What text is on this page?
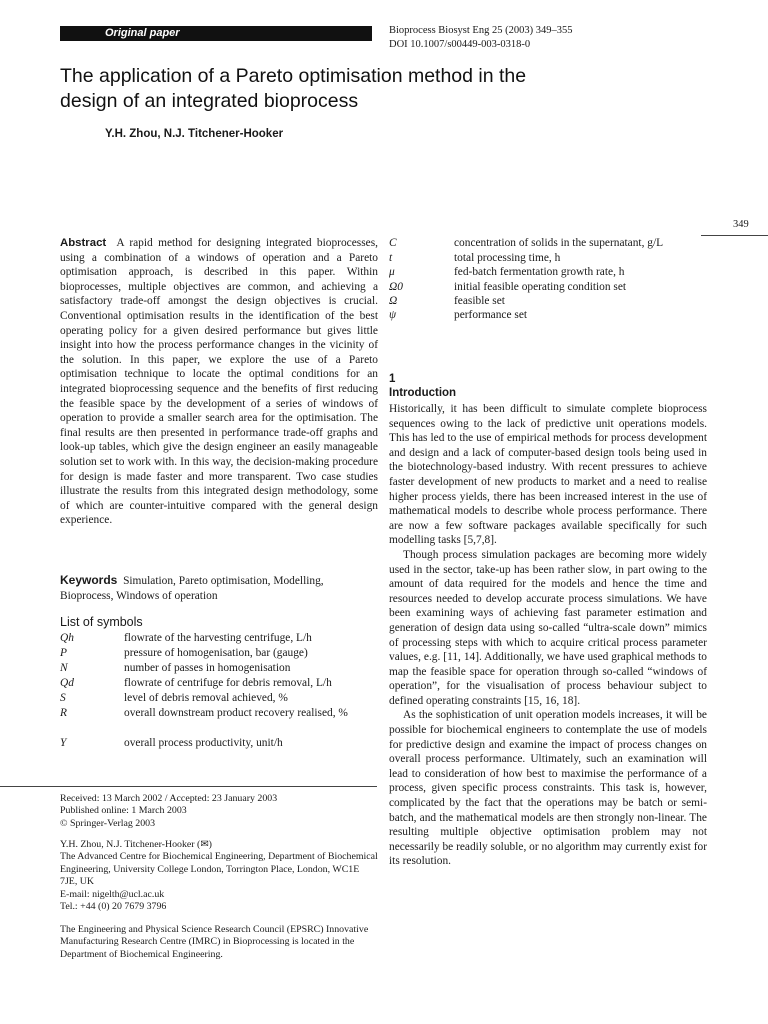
Original paper	Bioprocess Biosyst Eng 25 (2003) 349–355
DOI 10.1007/s00449-003-0318-0
The application of a Pareto optimisation method in the design of an integrated bioprocess
Y.H. Zhou, N.J. Titchener-Hooker
349
Abstract A rapid method for designing integrated bioprocesses, using a combination of a windows of operation and a Pareto optimisation approach, is described in this paper. Within bioprocesses, multiple objectives are common, and achieving a satisfactory trade-off amongst the design objectives is crucial. Conventional optimisation results in the identification of the best operating policy for a given desired performance but gives little insight into how the process performance changes in the vicinity of the solution. In this paper, we explore the use of a Pareto optimisation technique to locate the optimal conditions for an integrated bioprocessing sequence and the benefits of first reducing the feasible space by the development of a series of windows of operation to provide a smaller search area for the optimisation. The final results are then presented in performance trade-off graphs and look-up tables, which give the design engineer an easily manageable solution set to work with. In this way, the decision-making procedure for design is made faster and more transparent. Two case studies illustrate the results from this integrated design methodology, some of which are counter-intuitive compared with the general design experience.
Keywords Simulation, Pareto optimisation, Modelling, Bioprocess, Windows of operation
List of symbols
Qh	flowrate of the harvesting centrifuge, L/h
P	pressure of homogenisation, bar (gauge)
N	number of passes in homogenisation
Qd	flowrate of centrifuge for debris removal, L/h
S	level of debris removal achieved, %
R	overall downstream product recovery realised, %
Y	overall process productivity, unit/h
Received: 13 March 2002 / Accepted: 23 January 2003
Published online: 1 March 2003
© Springer-Verlag 2003
Y.H. Zhou, N.J. Titchener-Hooker (✉)
The Advanced Centre for Biochemical Engineering, Department of Biochemical Engineering, University College London, Torrington Place, London, WC1E 7JE, UK
E-mail: nigelth@ucl.ac.uk
Tel.: +44 (0) 20 7679 3796
The Engineering and Physical Science Research Council (EPSRC) Innovative Manufacturing Research Centre (IMRC) in Bioprocessing is located in the Department of Biochemical Engineering.
C	concentration of solids in the supernatant, g/L
t	total processing time, h
μ	fed-batch fermentation growth rate, h
Ω0	initial feasible operating condition set
Ω	feasible set
ψ	performance set
1
Introduction

Historically, it has been difficult to simulate complete bioprocess sequences owing to the lack of predictive unit operations models. This has led to the use of empirical methods for process development and design and a lack of computer-based design tools being used in the biotechnology-based industry. With recent pressures to achieve faster development of new products to market and a need to realise higher process yields, there has been increased interest in the use of mathematical models to describe whole process performance. There are now a few software packages available specifically for such modelling tasks [5,7,8].

Though process simulation packages are becoming more widely used in the sector, take-up has been rather slow, in part owing to the amount of data required for the models and hence the time and resources needed to develop accurate process simulations. We have been examining ways of achieving fast parameter estimation and generation of design data using so-called “ultra-scale down” mimics of processing steps with which to acquire critical process parameter values, e.g. [11, 14]. Additionally, we have used graphical methods to map the feasible space for operation through so-called “windows of operation”, for the visualisation of process behaviour subject to defined operating constraints [15, 16, 18].

As the sophistication of unit operation models increases, it will be possible for biochemical engineers to contemplate the use of models for predictive design and examine the impact of process changes on overall process performance. Ultimately, such an examination will lead to consideration of how best to maximise the performance of a process, given specific process constraints. This task is, however, complicated by the fact that the operations may be batch or semi-batch, and the mathematical models are then strongly non-linear. The resulting multiple objective optimisation problem may not necessarily be readily soluble, or no algorithm may currently exist for its resolution.
